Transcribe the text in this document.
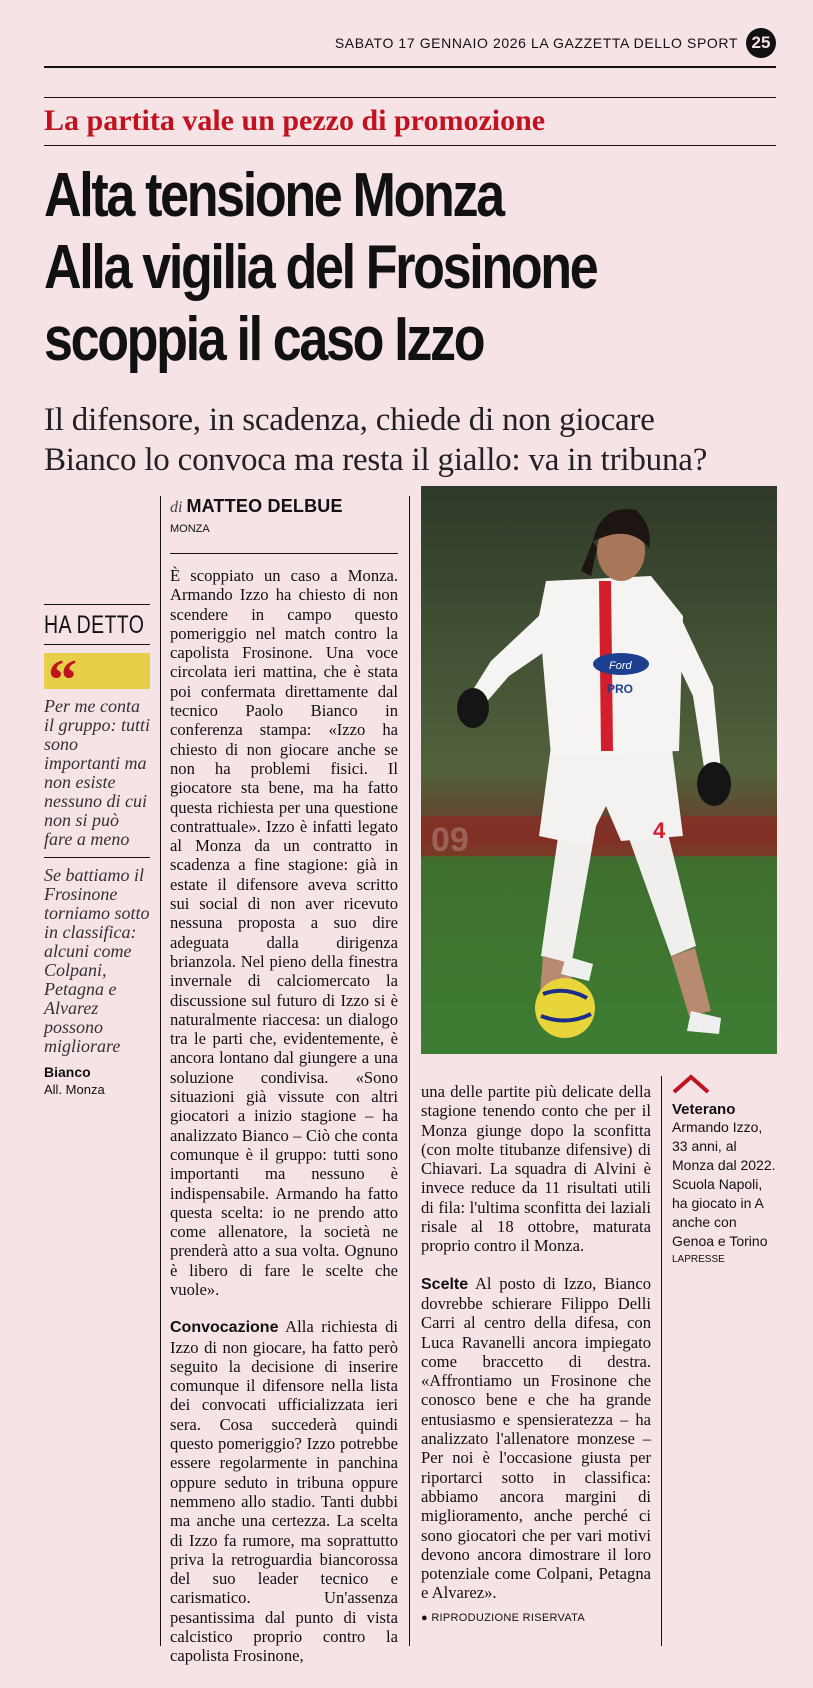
SABATO 17 GENNAIO 2026 LA GAZZETTA DELLO SPORT 25
La partita vale un pezzo di promozione
Alta tensione Monza
Alla vigilia del Frosinone
scoppia il caso Izzo
Il difensore, in scadenza, chiede di non giocare
Bianco lo convoca ma resta il giallo: va in tribuna?
HA DETTO
“
Per me conta il gruppo: tutti sono importanti ma non esiste nessuno di cui non si può fare a meno
Se battiamo il Frosinone torniamo sotto in classifica: alcuni come Colpani, Petagna e Alvarez possono migliorare
Bianco
All. Monza
di MATTEO DELBUE
MONZA

È scoppiato un caso a Monza. Armando Izzo ha chiesto di non scendere in campo questo pomeriggio nel match contro la capolista Frosinone. Una voce circolata ieri mattina, che è stata poi confermata direttamente dal tecnico Paolo Bianco in conferenza stampa: «Izzo ha chiesto di non giocare anche se non ha problemi fisici. Il giocatore sta bene, ma ha fatto questa richiesta per una questione contrattuale». Izzo è infatti legato al Monza da un contratto in scadenza a fine stagione: già in estate il difensore aveva scritto sui social di non aver ricevuto nessuna proposta a suo dire adeguata dalla dirigenza brianzola. Nel pieno della finestra invernale di calciomercato la discussione sul futuro di Izzo si è naturalmente riaccesa: un dialogo tra le parti che, evidentemente, è ancora lontano dal giungere a una soluzione condivisa. «Sono situazioni già vissute con altri giocatori a inizio stagione – ha analizzato Bianco – Ciò che conta comunque è il gruppo: tutti sono importanti ma nessuno è indispensabile. Armando ha fatto questa scelta: io ne prendo atto come allenatore, la società ne prenderà atto a sua volta. Ognuno è libero di fare le scelte che vuole».

Convocazione Alla richiesta di Izzo di non giocare, ha fatto però seguito la decisione di inserire comunque il difensore nella lista dei convocati ufficializzata ieri sera. Cosa succederà quindi questo pomeriggio? Izzo potrebbe essere regolarmente in panchina oppure seduto in tribuna oppure nemmeno allo stadio. Tanti dubbi ma anche una certezza. La scelta di Izzo fa rumore, ma soprattutto priva la retroguardia biancorossa del suo leader tecnico e carismatico. Un'assenza pesantissima dal punto di vista calcistico proprio contro la capolista Frosinone,

09
Ford
PRO
4

una delle partite più delicate della stagione tenendo conto che per il Monza giunge dopo la sconfitta (con molte titubanze difensive) di Chiavari. La squadra di Alvini è invece reduce da 11 risultati utili di fila: l'ultima sconfitta dei laziali risale al 18 ottobre, maturata proprio contro il Monza.

Scelte Al posto di Izzo, Bianco dovrebbe schierare Filippo Delli Carri al centro della difesa, con Luca Ravanelli ancora impiegato come braccetto di destra. «Affrontiamo un Frosinone che conosco bene e che ha grande entusiasmo e spensieratezza – ha analizzato l'allenatore monzese – Per noi è l'occasione giusta per riportarci sotto in classifica: abbiamo ancora margini di miglioramento, anche perché ci sono giocatori che per vari motivi devono ancora dimostrare il loro potenziale come Colpani, Petagna e Alvarez».

● RIPRODUZIONE RISERVATA
Veterano
Armando Izzo, 33 anni, al Monza dal 2022. Scuola Napoli, ha giocato in A anche con Genoa e Torino
LAPRESSE
